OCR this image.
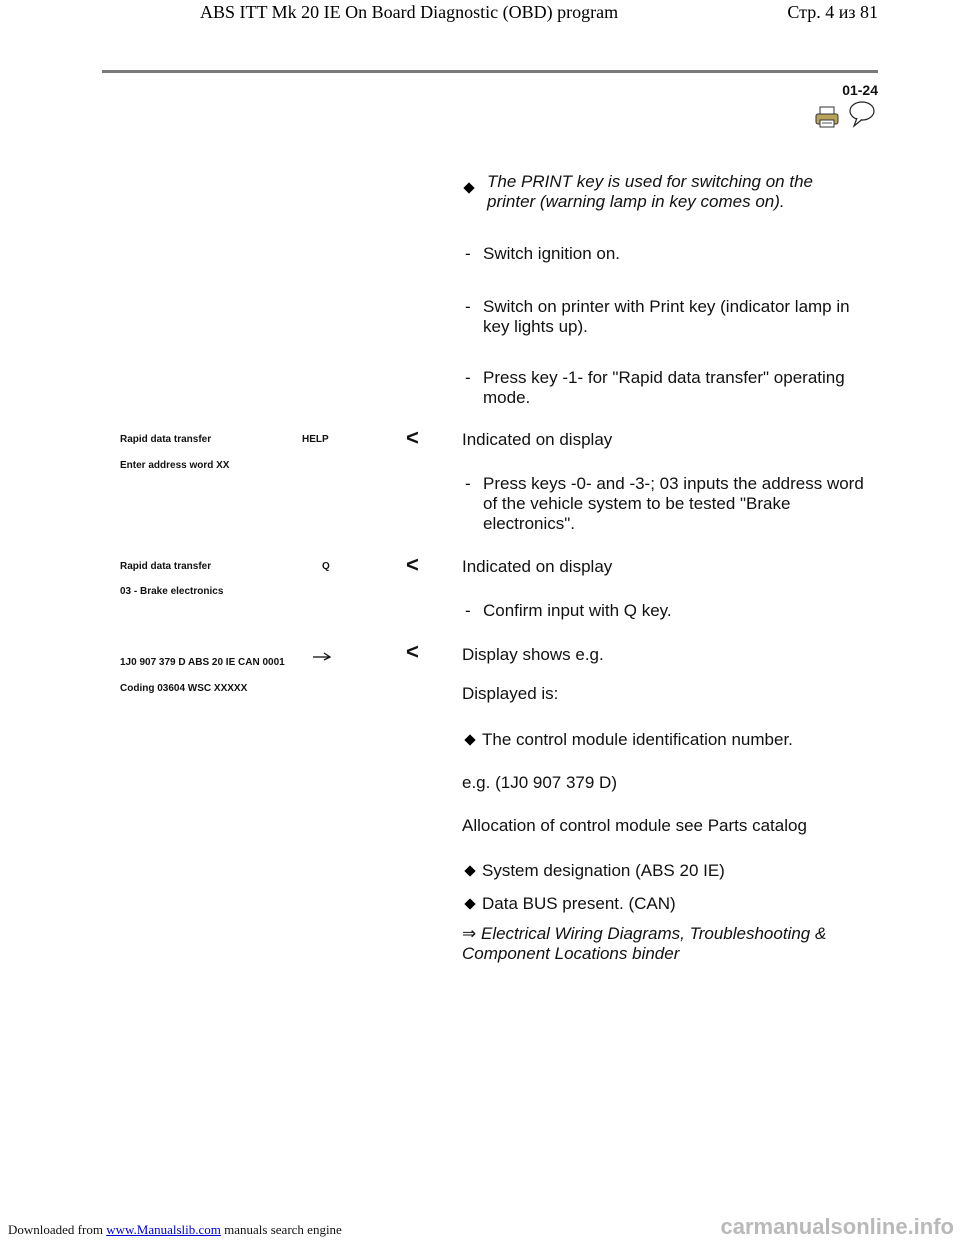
ABS ITT Mk 20 IE On Board Diagnostic (OBD) program	Стр. 4 из 81
01-24
The PRINT key is used for switching on the printer (warning lamp in key comes on).
- Switch ignition on.
- Switch on printer with Print key (indicator lamp in key lights up).
- Press key -1- for "Rapid data transfer" operating mode.
Rapid data transfer	HELP
Enter address word XX
<	Indicated on display
- Press keys -0- and -3-; 03 inputs the address word of the vehicle system to be tested "Brake electronics".
Rapid data transfer	Q
03 - Brake electronics
<	Indicated on display
- Confirm input with Q key.
1J0 907 379 D ABS 20 IE CAN 0001
Coding 03604 WSC XXXXX
<	Display shows e.g.
Displayed is:
The control module identification number.
e.g. (1J0 907 379 D)
Allocation of control module see Parts catalog
System designation (ABS 20 IE)
Data BUS present. (CAN)
⇒ Electrical Wiring Diagrams, Troubleshooting & Component Locations binder
Downloaded from www.Manualslib.com manuals search engine	carmanualsonline.info
